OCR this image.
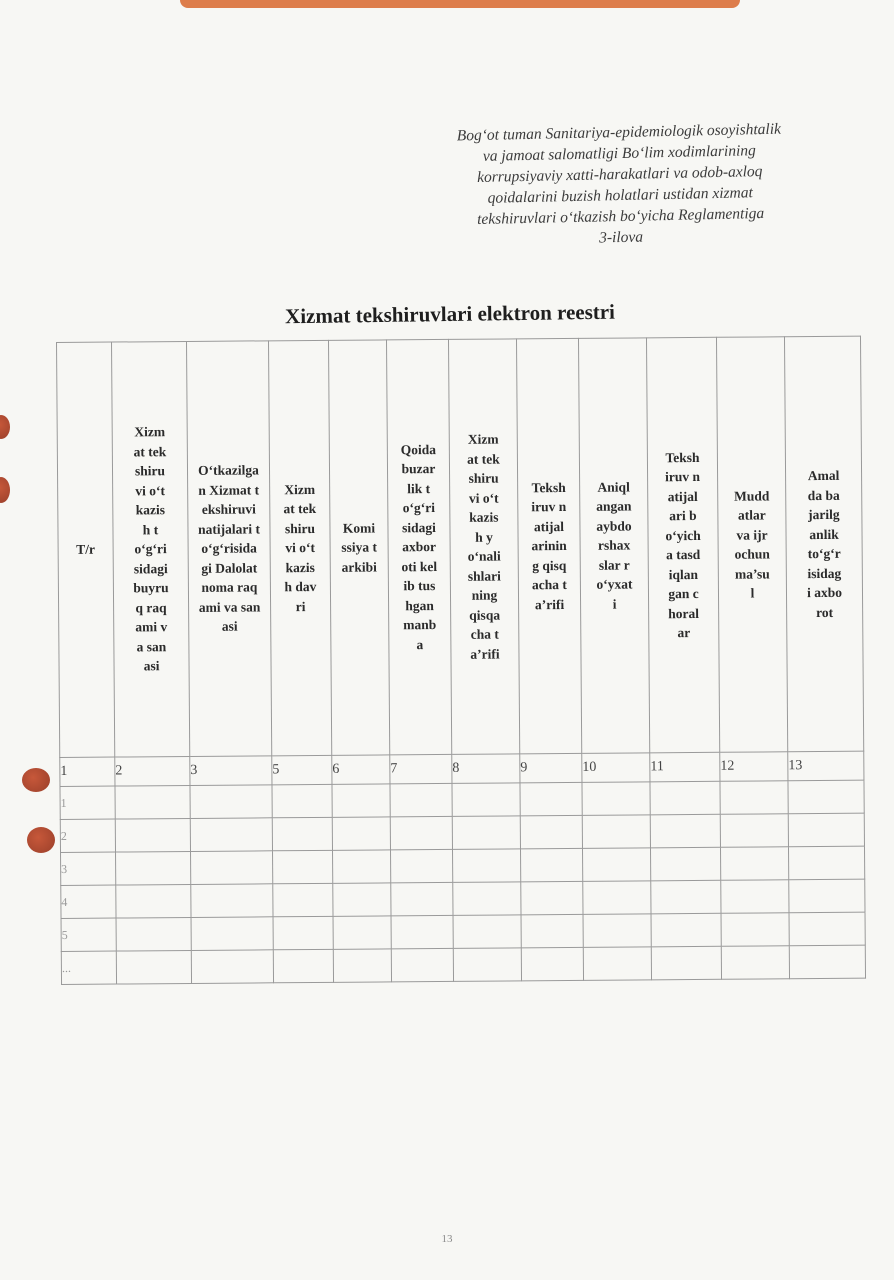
Bog‘ot tuman Sanitariya-epidemiologik osoyishtalik
va jamoat salomatligi Bo‘lim xodimlarining
korrupsiyaviy xatti-harakatlari va odob-axloq
qoidalarini buzish holatlari ustidan xizmat
tekshiruvlari o‘tkazish bo‘yicha Reglamentiga
3-ilova
Xizmat tekshiruvlari elektron reestri
T/r	Xizmat tekshiruvi o‘tkazish to‘g‘risidagi buyruq raqami va sanasi	O‘tkazilgan Xizmat tekshiruvi natijalari to‘g‘risidagi Dalolatnoma raqami va sanasi	Xizmat tekshiruvi o‘tkazish davri	Komissiya tarkibi	Qoidabuzarlik to‘g‘risidagi axboroti kelib tushgan manba	Xizmat tekshiruvi o‘tkazish yo‘nalishlarining qisqacha ta’rifi	Tekshiruv natijalarining qisqacha ta’rifi	Aniqlangan aybdorshaxslar ro‘yxati	Tekshiruv natijalari bo‘yicha tasdiqlangan choralar	Muddatlar va ijrochunma’sul	Amalda bajarilganlik to‘g‘risidagi axborot
1	2	3	5	6	7	8	9	10	11	12	13
1											
2											
3											
4											
5											
...											
13
